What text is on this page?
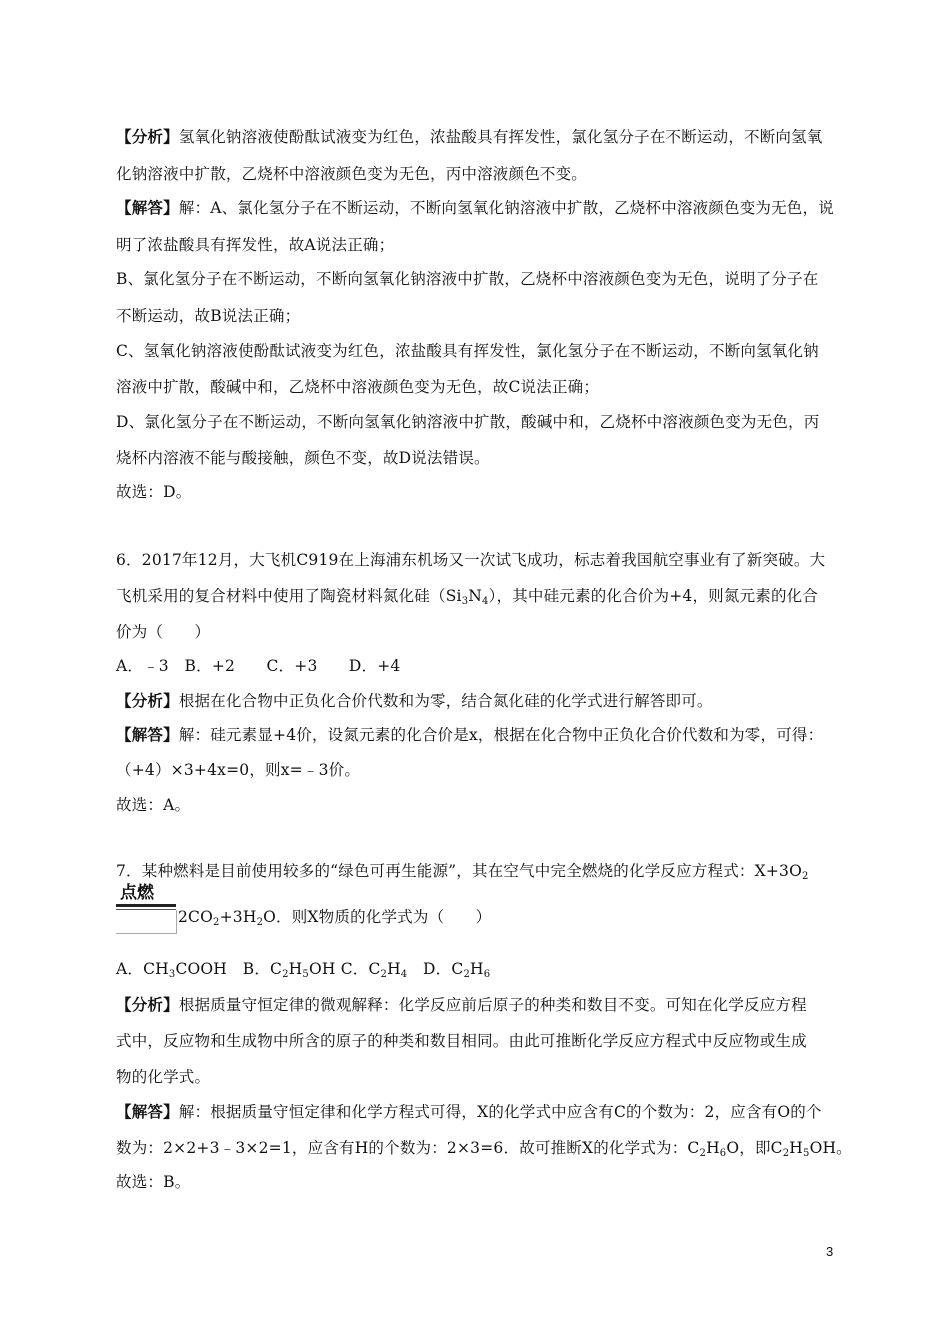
【分析】氢氧化钠溶液使酚酞试液变为红色，浓盐酸具有挥发性，氯化氢分子在不断运动，不断向氢氧
化钠溶液中扩散，乙烧杯中溶液颜色变为无色，丙中溶液颜色不变。
【解答】解：A、氯化氢分子在不断运动，不断向氢氧化钠溶液中扩散，乙烧杯中溶液颜色变为无色，说
明了浓盐酸具有挥发性，故A说法正确；
B、氯化氢分子在不断运动，不断向氢氧化钠溶液中扩散，乙烧杯中溶液颜色变为无色，说明了分子在
不断运动，故B说法正确；
C、氢氧化钠溶液使酚酞试液变为红色，浓盐酸具有挥发性，氯化氢分子在不断运动，不断向氢氧化钠
溶液中扩散，酸碱中和，乙烧杯中溶液颜色变为无色，故C说法正确；
D、氯化氢分子在不断运动，不断向氢氧化钠溶液中扩散，酸碱中和，乙烧杯中溶液颜色变为无色，丙
烧杯内溶液不能与酸接触，颜色不变，故D说法错误。
故选：D。
6．2017年12月，大飞机C919在上海浦东机场又一次试飞成功，标志着我国航空事业有了新突破。大
飞机采用的复合材料中使用了陶瓷材料氮化硅$(Si_3N_4)$，其中硅元素的化合价为+4，则氮元素的化合
价为（　　）
A．﹣3　B．+2　　C．+3　　D．+4
【分析】根据在化合物中正负化合价代数和为零，结合氮化硅的化学式进行解答即可。
【解答】解：硅元素显+4价，设氮元素的化合价是x，根据在化合物中正负化合价代数和为零，可得：
（+4）×3+4x=0，则x=﹣3价。
故选：A。
7．某种燃料是目前使用较多的“绿色可再生能源”，其在空气中完全燃烧的化学反应方程式：$X+3O_2$
点燃
$2CO_2+3H_2O$．则X物质的化学式为（　　）
A．$CH_3COOH$　B．$C_2H_5OH$ C．$C_2H_4$　D．$C_2H_6$
【分析】根据质量守恒定律的微观解释：化学反应前后原子的种类和数目不变。可知在化学反应方程
式中，反应物和生成物中所含的原子的种类和数目相同。由此可推断化学反应方程式中反应物或生成
物的化学式。
【解答】解：根据质量守恒定律和化学方程式可得，X的化学式中应含有C的个数为：2，应含有O的个
数为：2×2+3﹣3×2=1，应含有H的个数为：2×3=6．故可推断X的化学式为：$C_2H_6O$，即$C_2H_5OH$。
故选：B。
3
